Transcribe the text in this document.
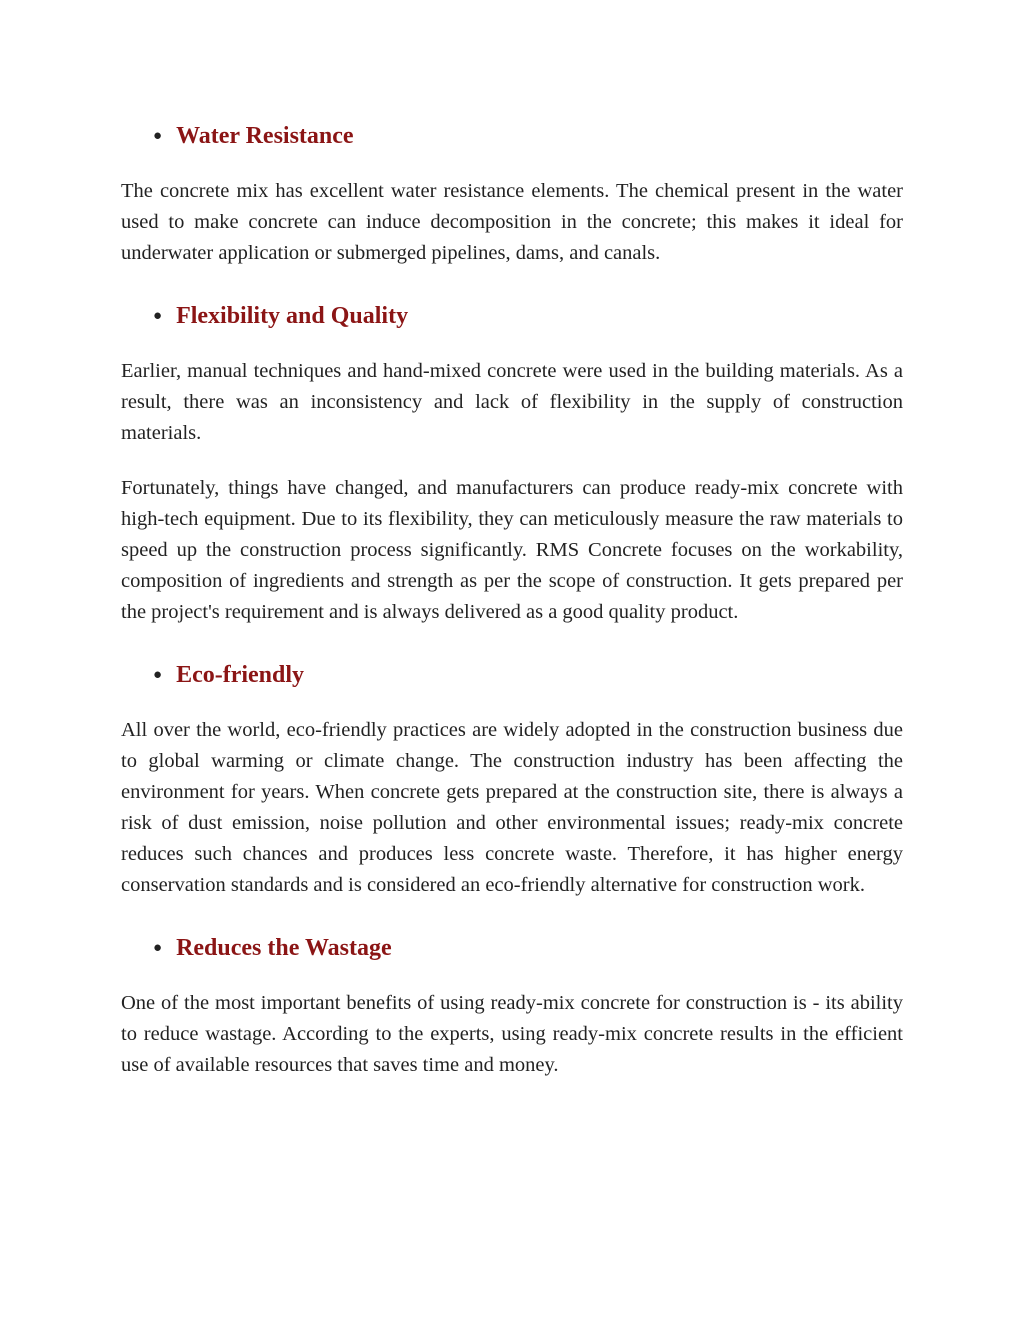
● Water Resistance

The concrete mix has excellent water resistance elements. The chemical present in the water used to make concrete can induce decomposition in the concrete; this makes it ideal for underwater application or submerged pipelines, dams, and canals.

● Flexibility and Quality

Earlier, manual techniques and hand-mixed concrete were used in the building materials. As a result, there was an inconsistency and lack of flexibility in the supply of construction materials.

Fortunately, things have changed, and manufacturers can produce ready-mix concrete with high-tech equipment. Due to its flexibility, they can meticulously measure the raw materials to speed up the construction process significantly. RMS Concrete focuses on the workability, composition of ingredients and strength as per the scope of construction. It gets prepared per the project's requirement and is always delivered as a good quality product.

● Eco-friendly

All over the world, eco-friendly practices are widely adopted in the construction business due to global warming or climate change. The construction industry has been affecting the environment for years. When concrete gets prepared at the construction site, there is always a risk of dust emission, noise pollution and other environmental issues; ready-mix concrete reduces such chances and produces less concrete waste. Therefore, it has higher energy conservation standards and is considered an eco-friendly alternative for construction work.

● Reduces the Wastage

One of the most important benefits of using ready-mix concrete for construction is - its ability to reduce wastage. According to the experts, using ready-mix concrete results in the efficient use of available resources that saves time and money.
